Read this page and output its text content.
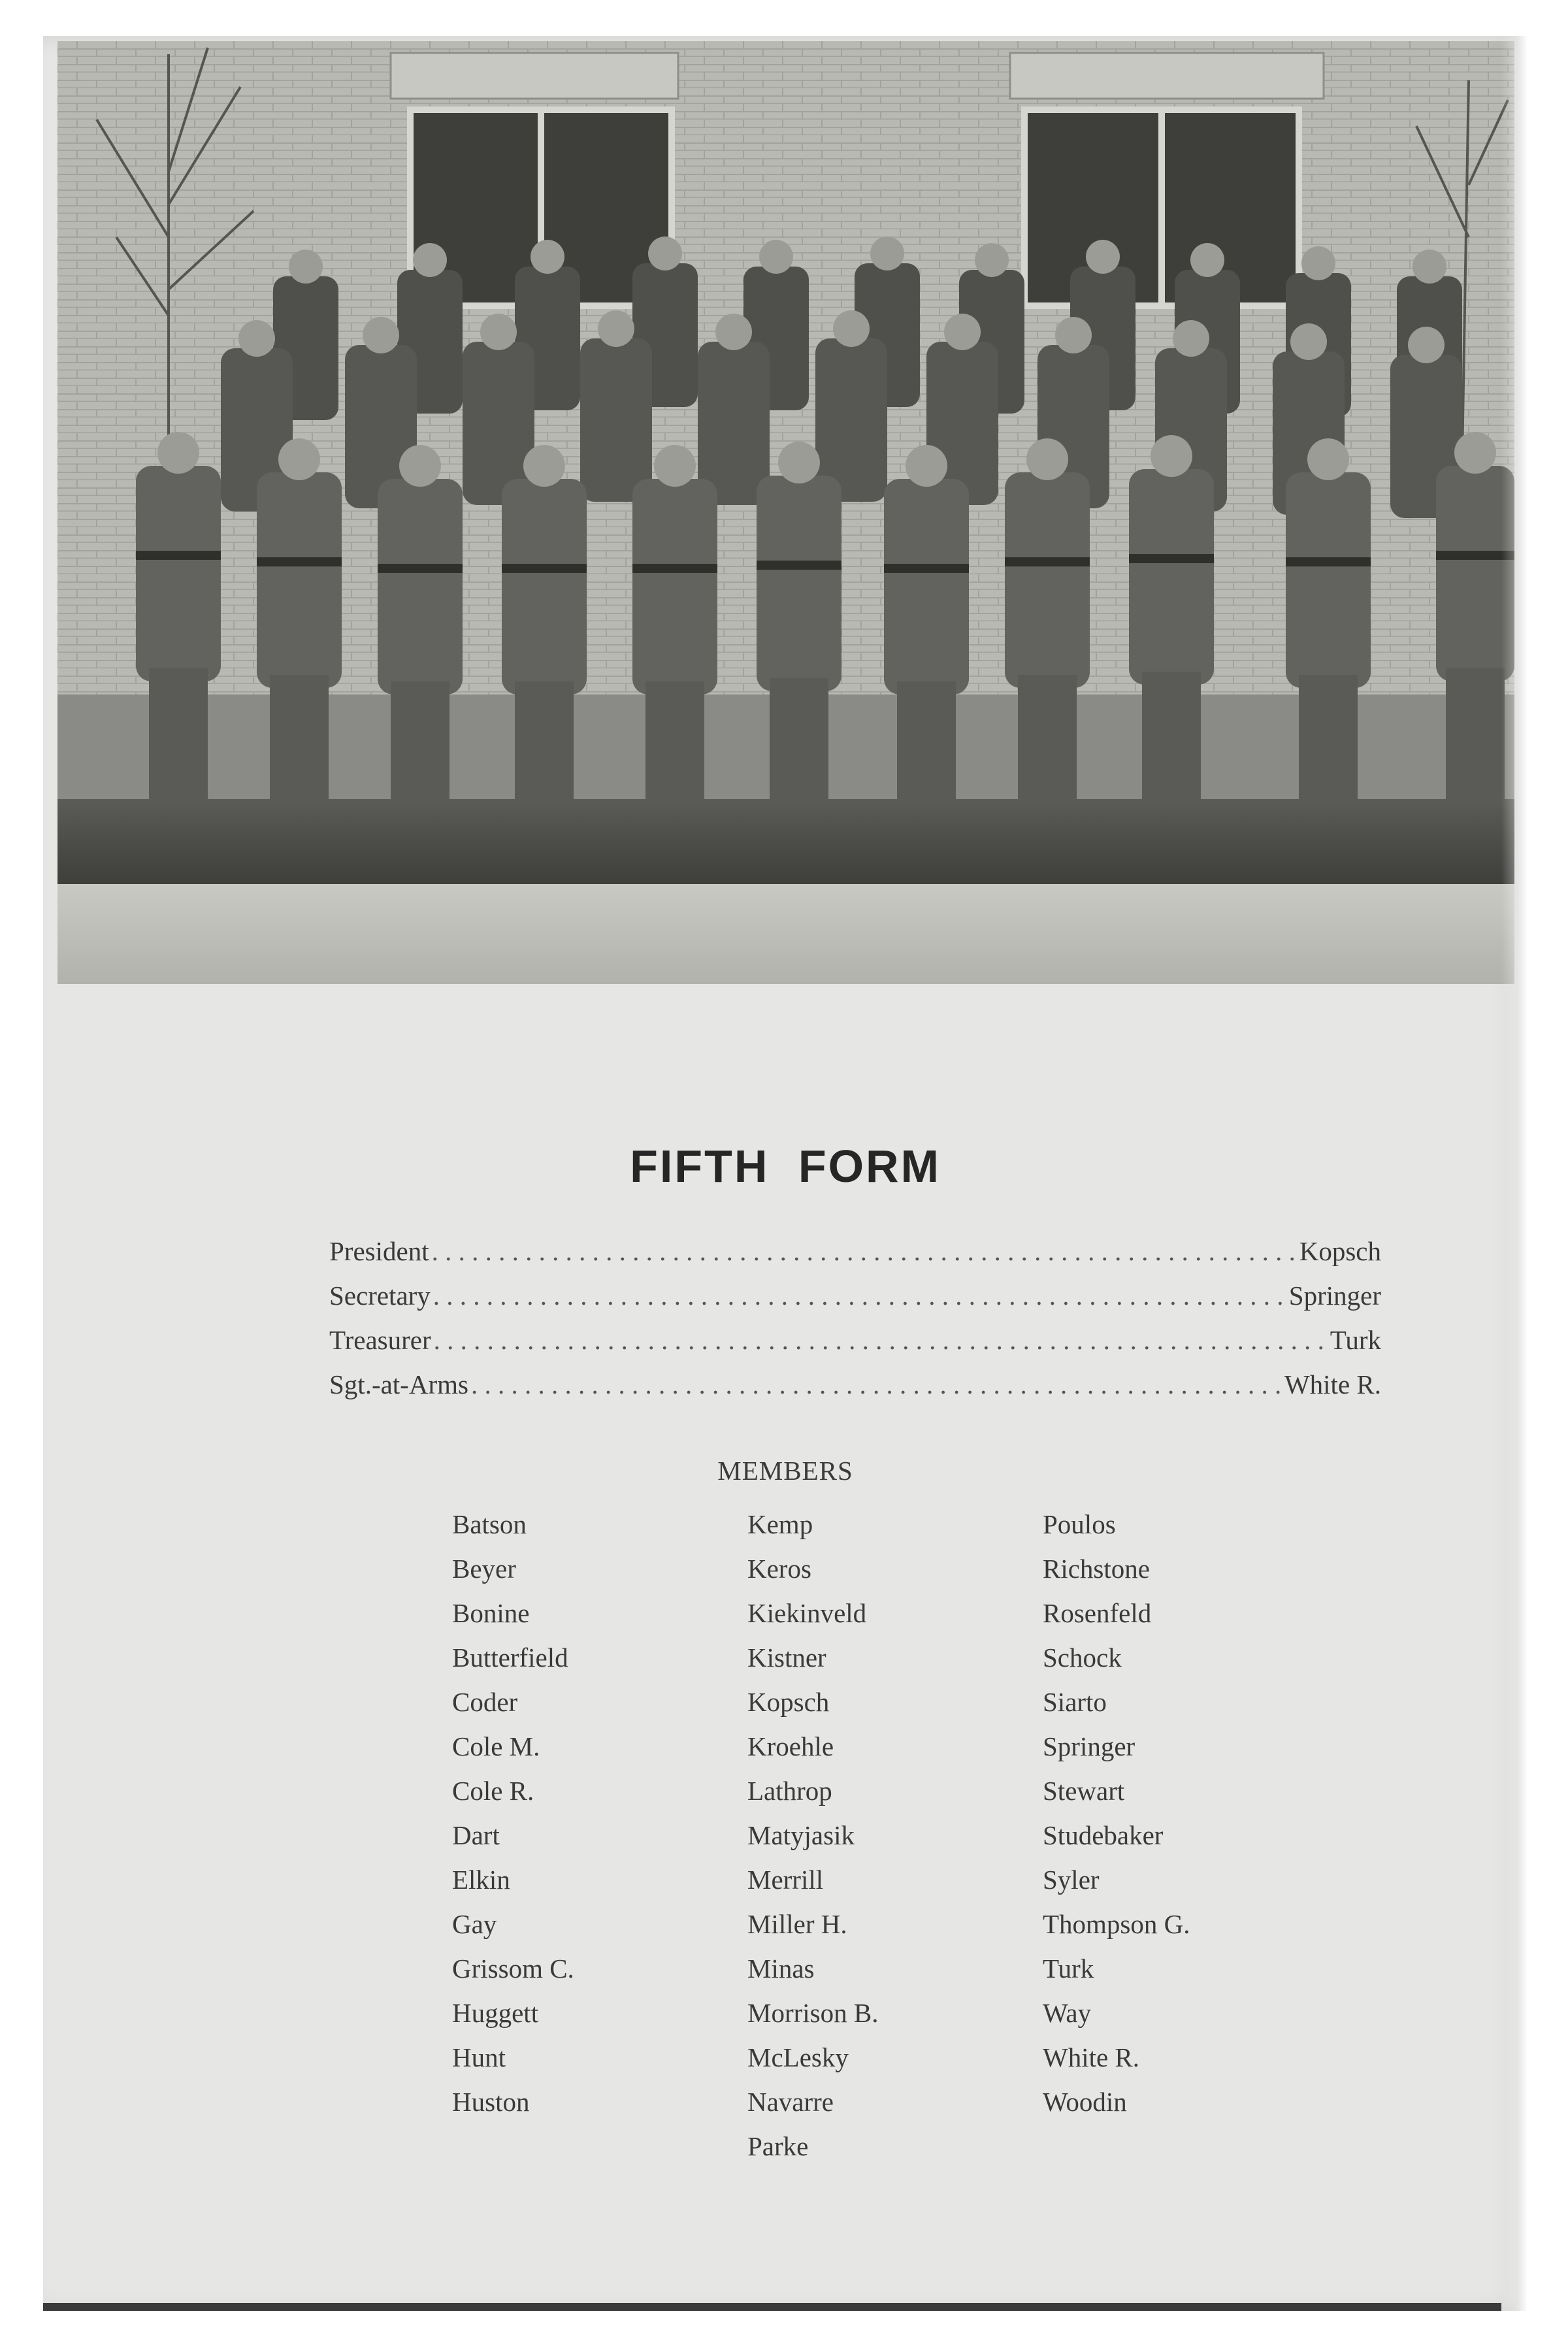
FIFTH FORM
President . . .	Kopsch
Secretary . . .	Springer
Treasurer . . .	Turk
Sgt.-at-Arms . . .	White R.
MEMBERS
Batson
Beyer
Bonine
Butterfield
Coder
Cole M.
Cole R.
Dart
Elkin
Gay
Grissom C.
Huggett
Hunt
Huston
Kemp
Keros
Kiekinveld
Kistner
Kopsch
Kroehle
Lathrop
Matyjasik
Merrill
Miller H.
Minas
Morrison B.
McLesky
Navarre
Parke
Poulos
Richstone
Rosenfeld
Schock
Siarto
Springer
Stewart
Studebaker
Syler
Thompson G.
Turk
Way
White R.
Woodin
